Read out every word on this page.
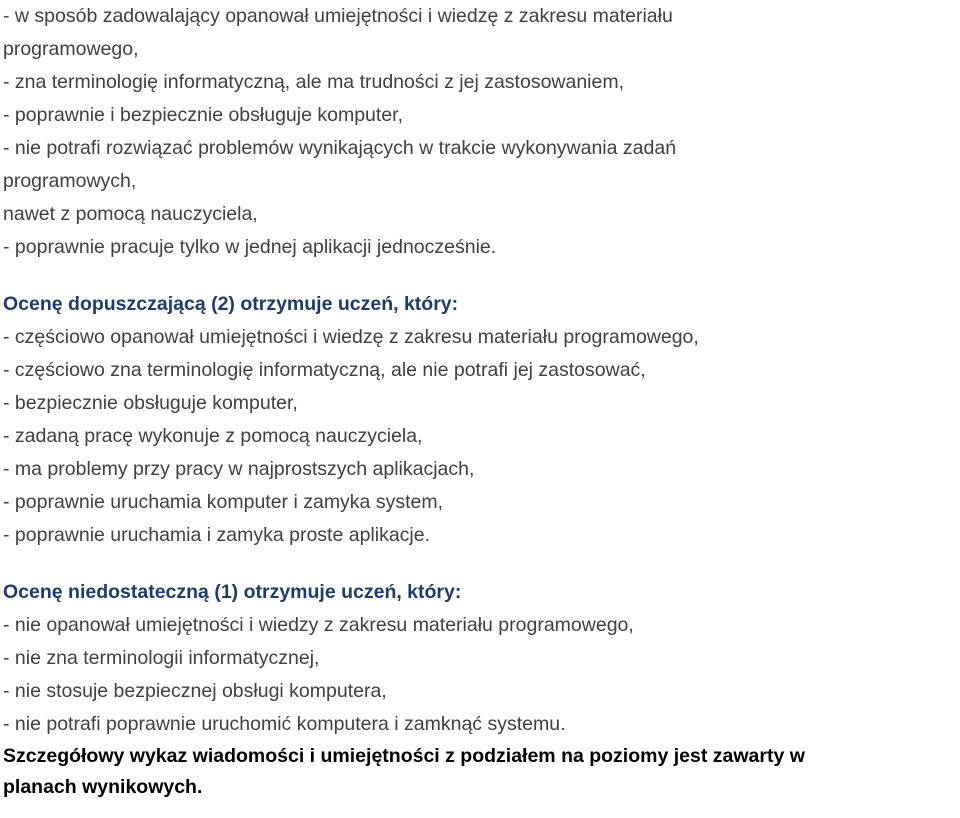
- w sposób zadowalający opanował umiejętności i wiedzę z zakresu materiału
programowego,
- zna terminologię informatyczną, ale ma trudności z jej zastosowaniem,
- poprawnie i bezpiecznie obsługuje komputer,
- nie potrafi rozwiązać problemów wynikających w trakcie wykonywania zadań
programowych,
nawet z pomocą nauczyciela,
- poprawnie pracuje tylko w jednej aplikacji jednocześnie.
Ocenę dopuszczającą (2) otrzymuje uczeń, który:
- częściowo opanował umiejętności i wiedzę z zakresu materiału programowego,
- częściowo zna terminologię informatyczną, ale nie potrafi jej zastosować,
- bezpiecznie obsługuje komputer,
- zadaną pracę wykonuje z pomocą nauczyciela,
- ma problemy przy pracy w najprostszych aplikacjach,
- poprawnie uruchamia komputer i zamyka system,
- poprawnie uruchamia i zamyka proste aplikacje.
Ocenę niedostateczną (1) otrzymuje uczeń, który:
- nie opanował umiejętności i wiedzy z zakresu materiału programowego,
- nie zna terminologii informatycznej,
- nie stosuje bezpiecznej obsługi komputera,
- nie potrafi poprawnie uruchomić komputera i zamknąć systemu.
Szczegółowy wykaz wiadomości i umiejętności z podziałem na poziomy jest zawarty w
planach wynikowych.
